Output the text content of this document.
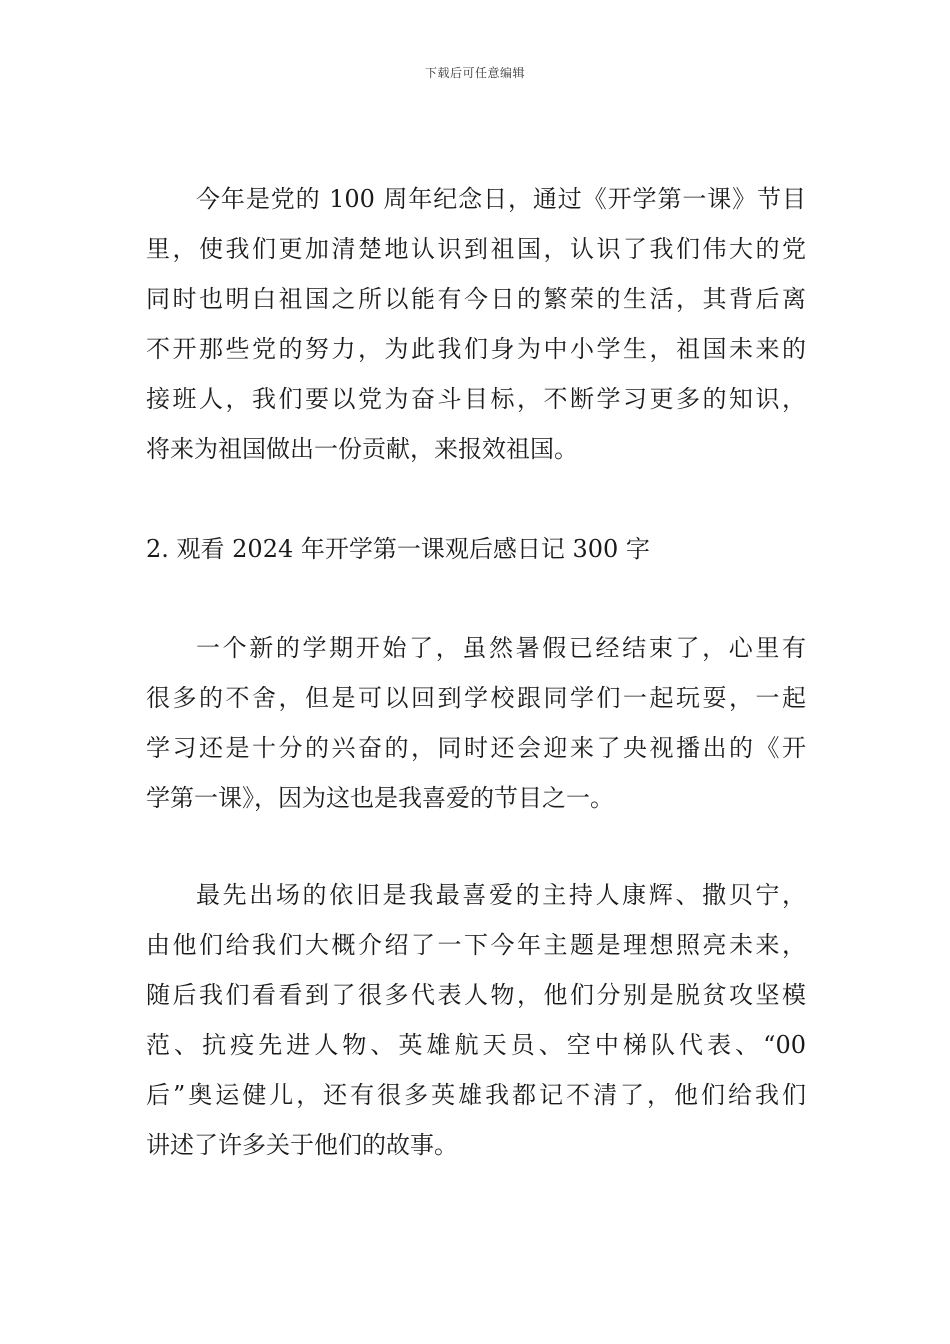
下载后可任意编辑
今年是党的 100 周年纪念日，通过《开学第一课》节目
里，使我们更加清楚地认识到祖国，认识了我们伟大的党
同时也明白祖国之所以能有今日的繁荣的生活，其背后离
不开那些党的努力，为此我们身为中小学生，祖国未来的
接班人，我们要以党为奋斗目标，不断学习更多的知识，
将来为祖国做出一份贡献，来报效祖国。
2. 观看 2024 年开学第一课观后感日记 300 字
一个新的学期开始了，虽然暑假已经结束了，心里有
很多的不舍，但是可以回到学校跟同学们一起玩耍，一起
学习还是十分的兴奋的，同时还会迎来了央视播出的《开
学第一课》，因为这也是我喜爱的节目之一。
最先出场的依旧是我最喜爱的主持人康辉、撒贝宁，
由他们给我们大概介绍了一下今年主题是理想照亮未来，
随后我们看看到了很多代表人物，他们分别是脱贫攻坚模
范、抗疫先进人物、英雄航天员、空中梯队代表、“00
后”奥运健儿，还有很多英雄我都记不清了，他们给我们
讲述了许多关于他们的故事。
